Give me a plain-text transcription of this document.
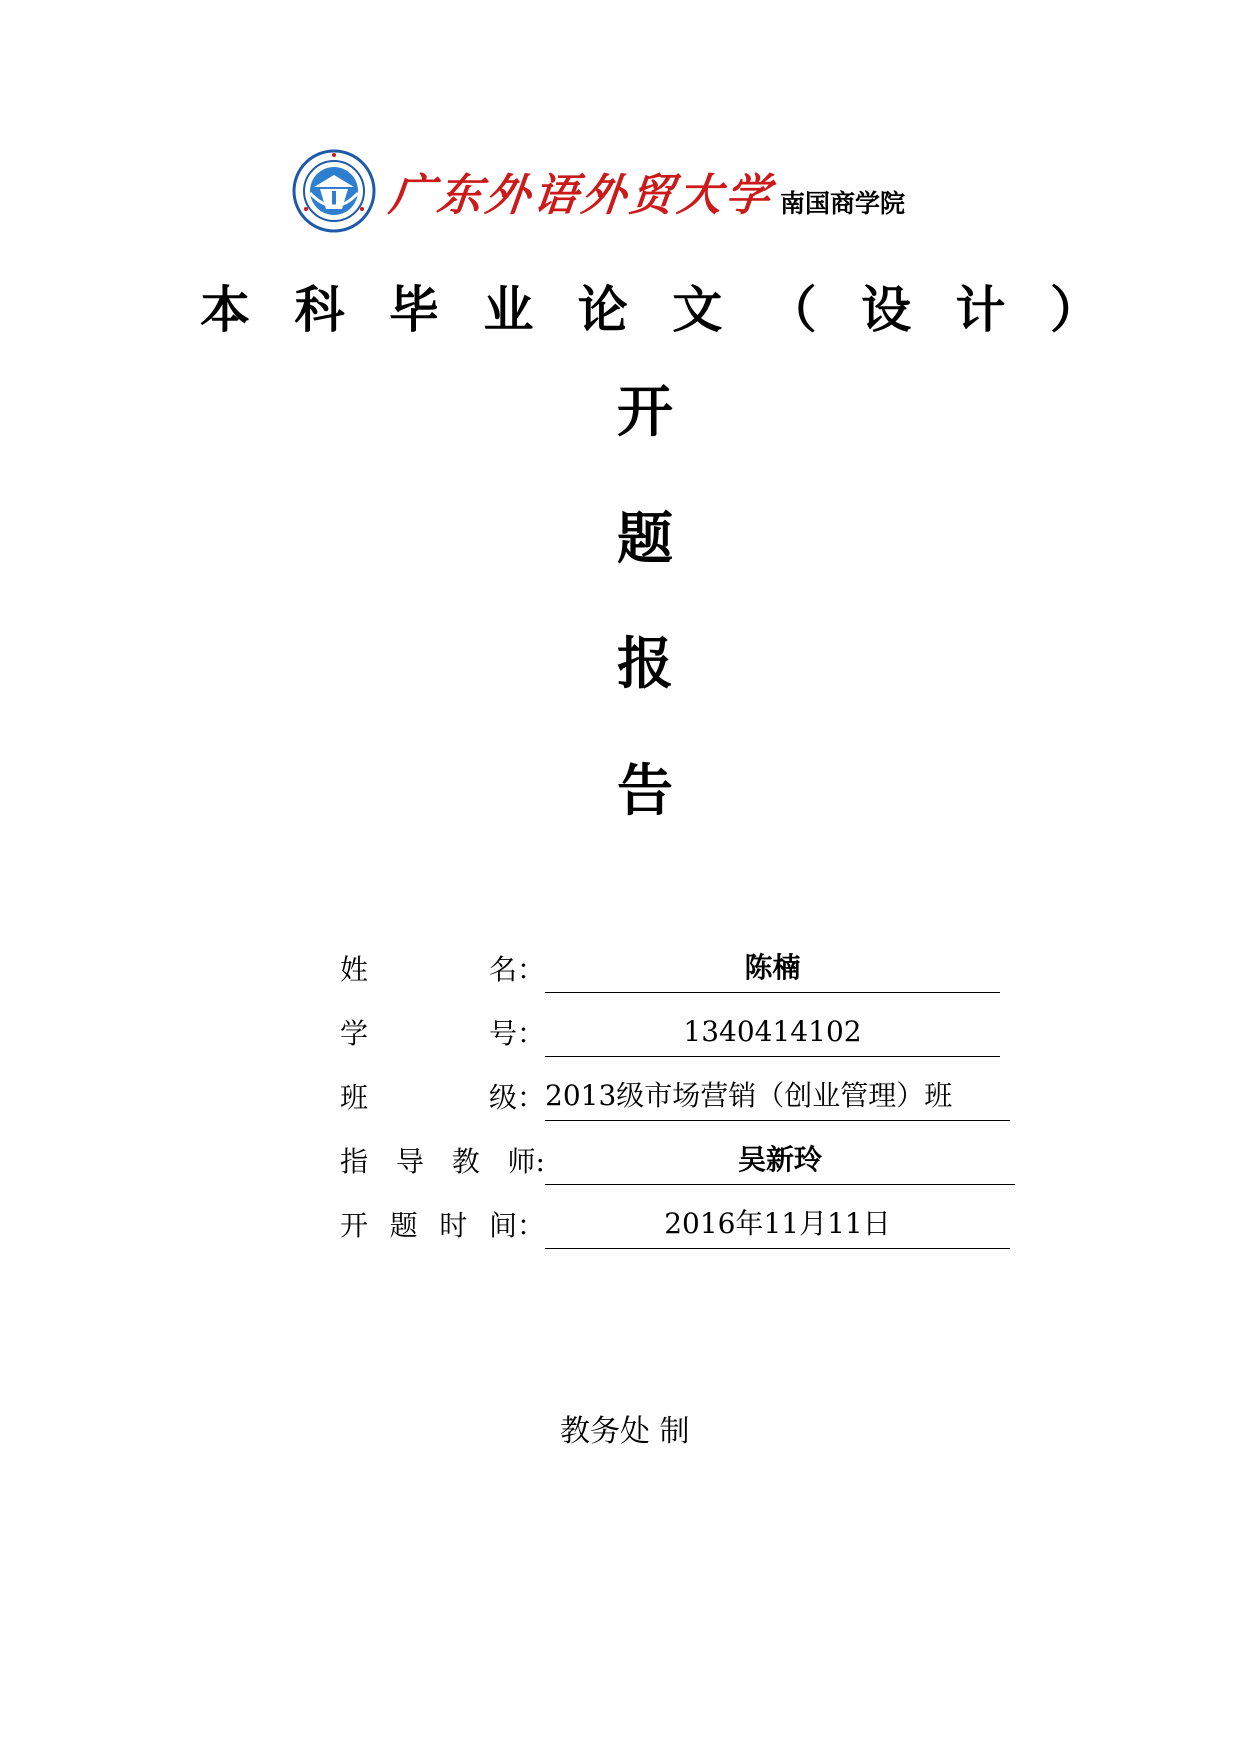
广东外语外贸大学 南国商学院
本 科 毕 业 论 文 （ 设 计 ）
开
题
报
告
姓	名：	陈楠
学	号：	1340414102
班	级： 2013级市场营销（创业管理）班
指 导 教 师:	吴新玲
开 题 时 间：	2016年11月11日
教务处 制
